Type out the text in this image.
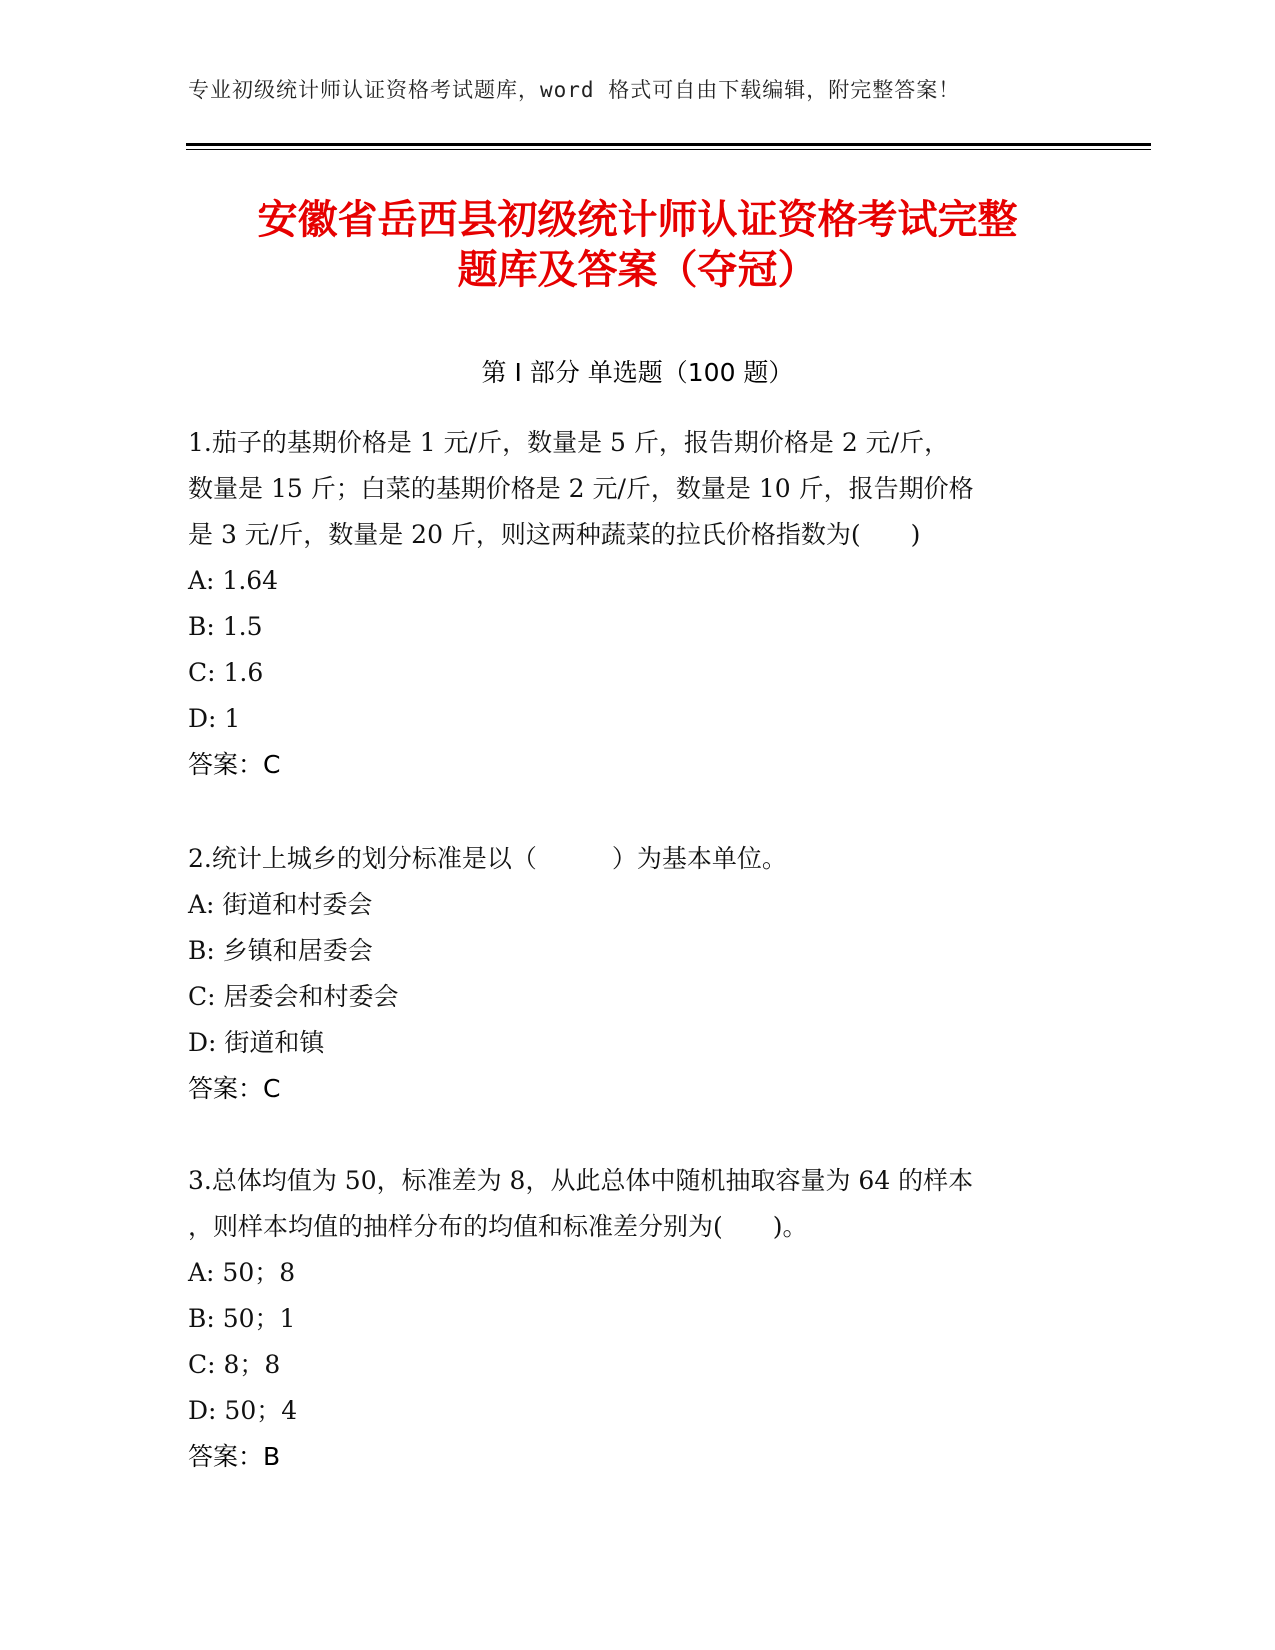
专业初级统计师认证资格考试题库，word 格式可自由下载编辑，附完整答案！
安徽省岳西县初级统计师认证资格考试完整
题库及答案（夺冠）
第 I 部分 单选题（100 题）

1.茄子的基期价格是 1 元/斤，数量是 5 斤，报告期价格是 2 元/斤，
数量是 15 斤；白菜的基期价格是 2 元/斤，数量是 10 斤，报告期价格
是 3 元/斤，数量是 20 斤，则这两种蔬菜的拉氏价格指数为(　　)

A: 1.64

B: 1.5

C: 1.6

D: 1

答案：C

2.统计上城乡的划分标准是以（　　　）为基本单位。

A: 街道和村委会

B: 乡镇和居委会

C: 居委会和村委会

D: 街道和镇

答案：C

3.总体均值为 50，标准差为 8，从此总体中随机抽取容量为 64 的样本
，则样本均值的抽样分布的均值和标准差分别为(　　)。

A: 50；8

B: 50；1

C: 8；8

D: 50；4

答案：B
